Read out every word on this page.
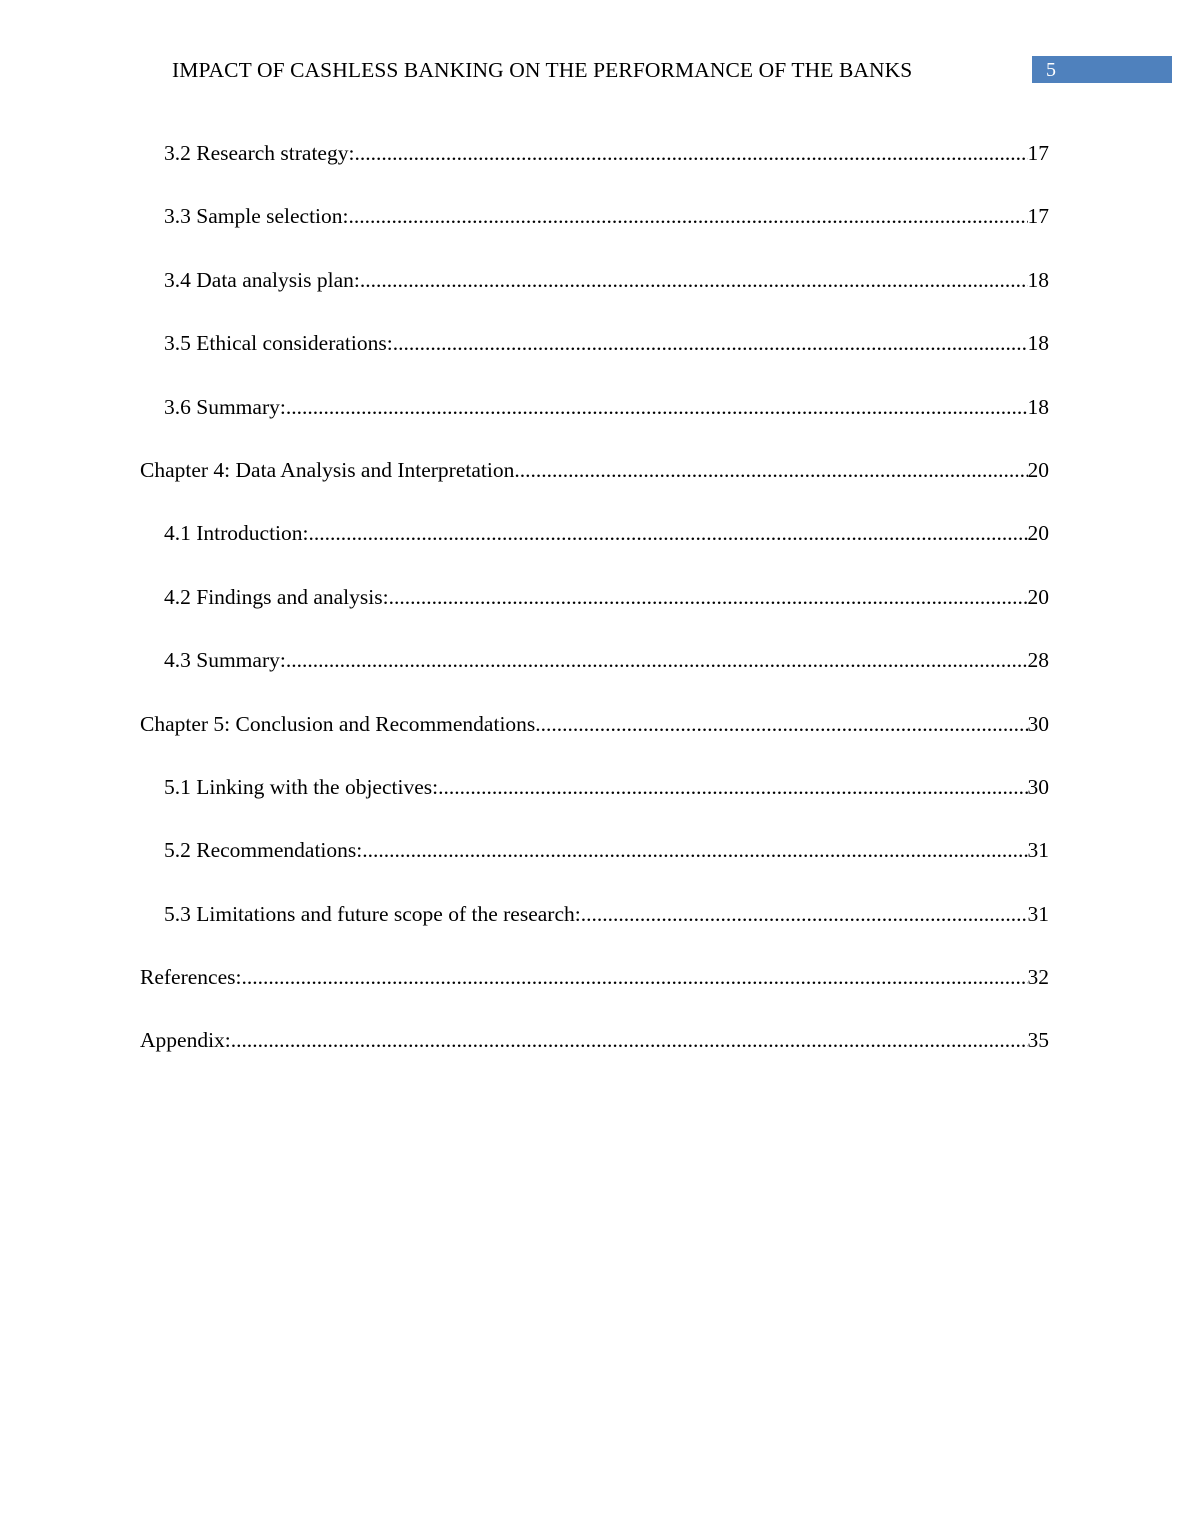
IMPACT OF CASHLESS BANKING ON THE PERFORMANCE OF THE BANKS	5
3.2 Research strategy: .....	17
3.3 Sample selection: .....	17
3.4 Data analysis plan: .....	18
3.5 Ethical considerations: .....	18
3.6 Summary: .....	18
Chapter 4: Data Analysis and Interpretation .....	20
4.1 Introduction: .....	20
4.2 Findings and analysis: .....	20
4.3 Summary: .....	28
Chapter 5: Conclusion and Recommendations .....	30
5.1 Linking with the objectives: .....	30
5.2 Recommendations: .....	31
5.3 Limitations and future scope of the research: .....	31
References: .....	32
Appendix: .....	35
